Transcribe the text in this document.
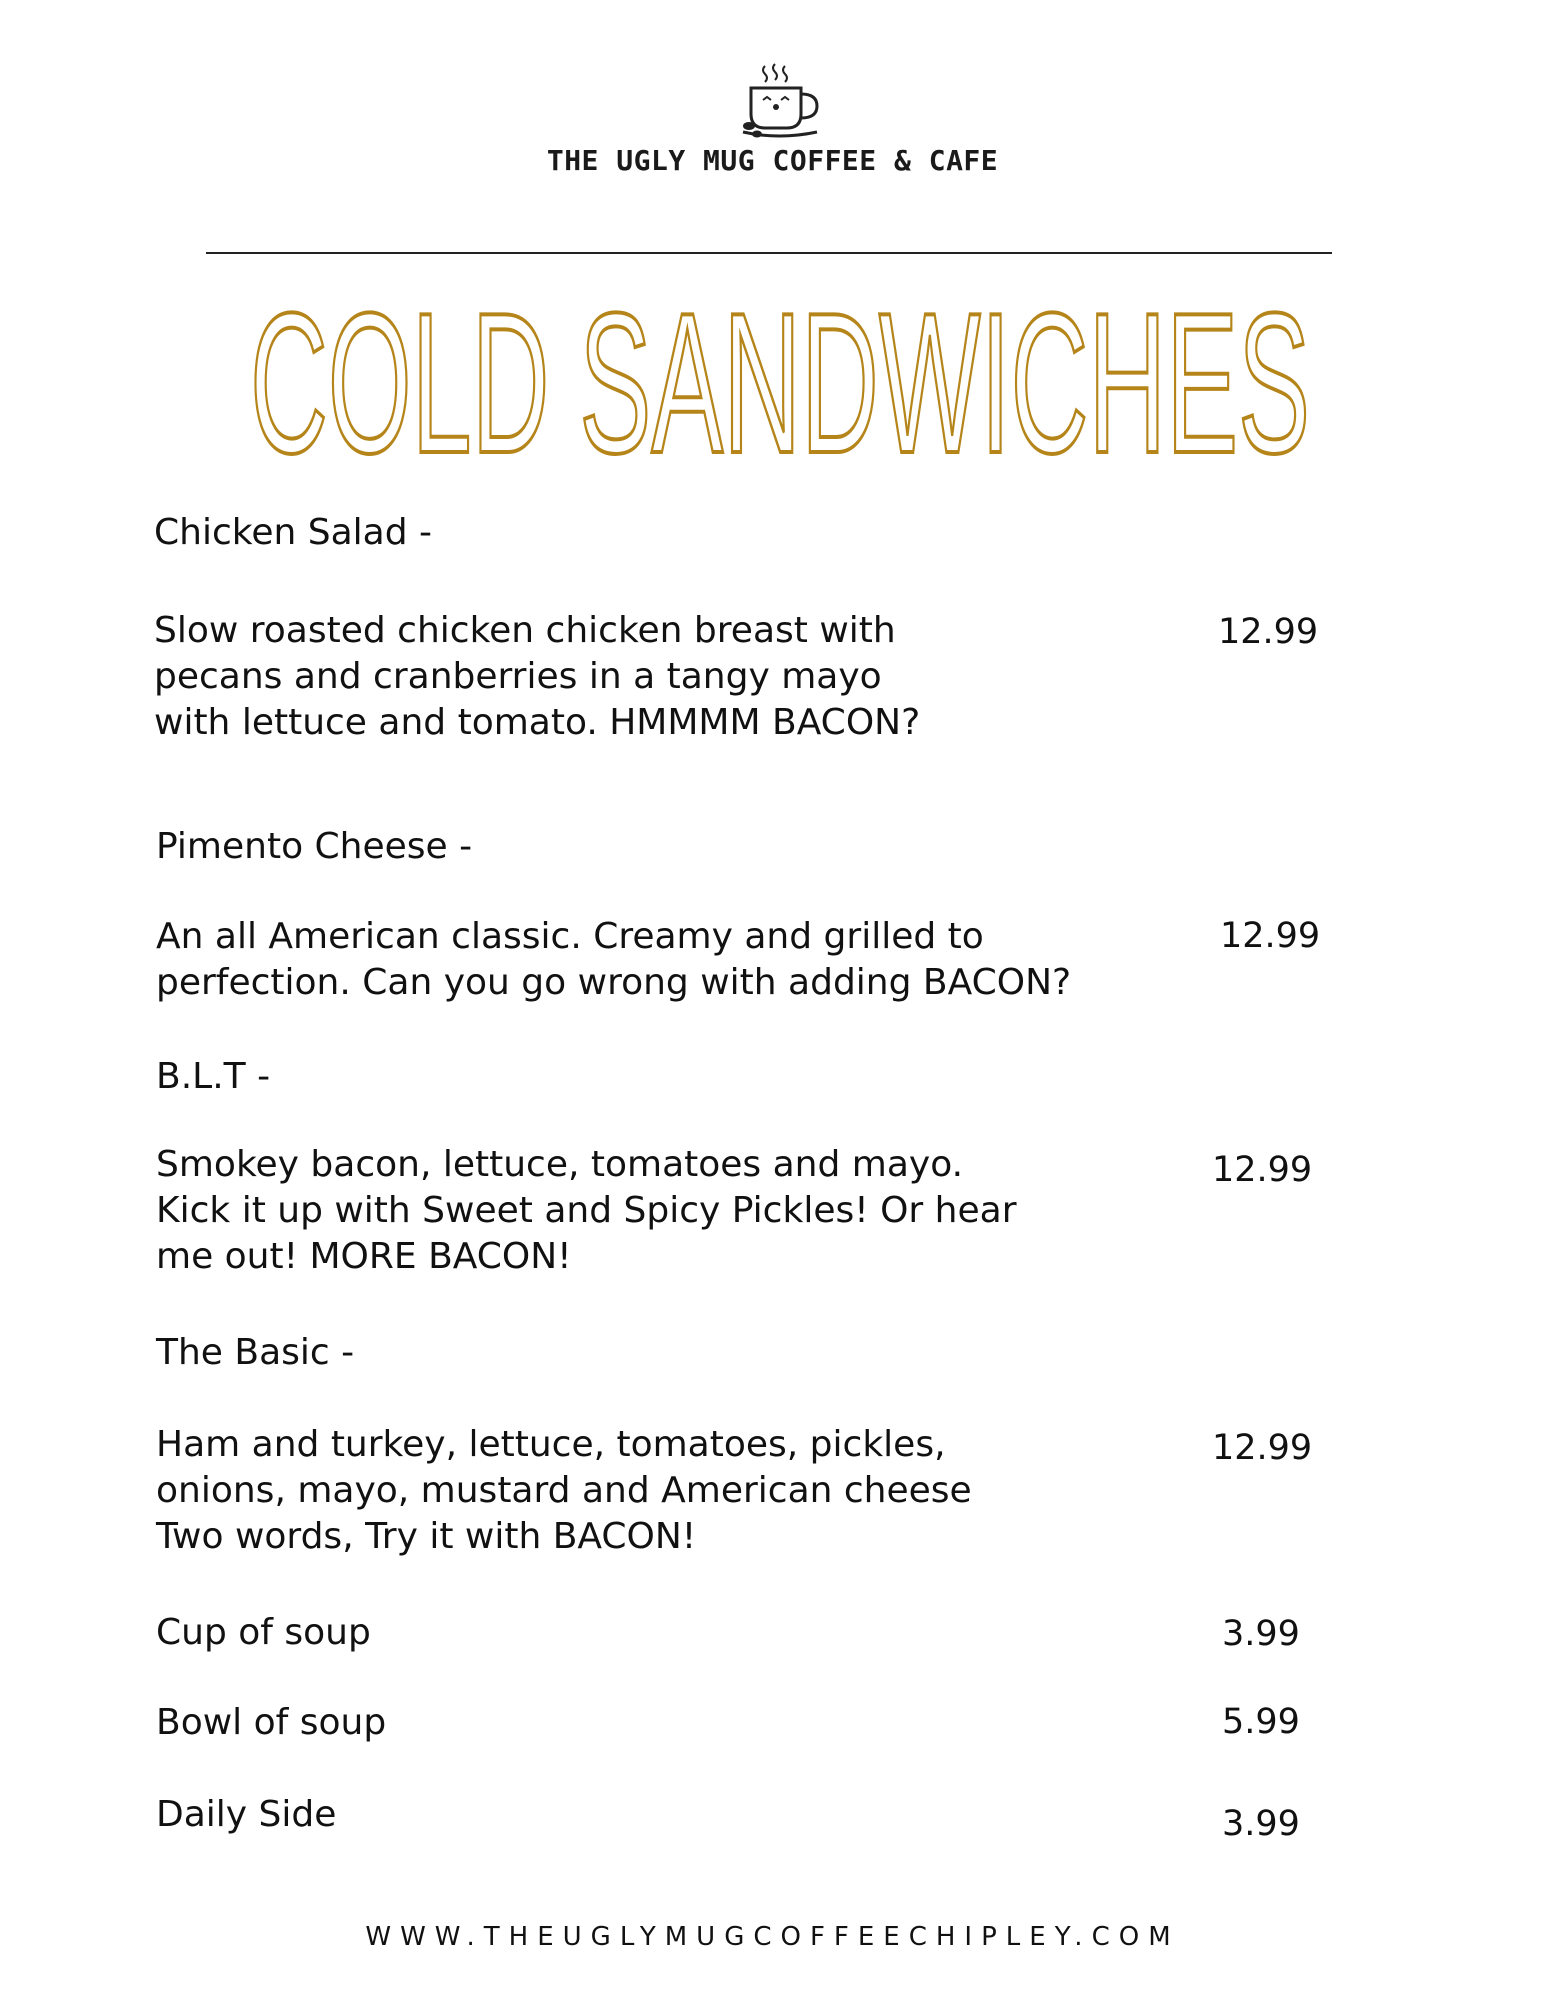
THE UGLY MUG COFFEE & CAFE
COLD SANDWICHES
Chicken Salad -
Slow roasted chicken chicken breast with
pecans and cranberries in a tangy mayo
with lettuce and tomato. HMMMM BACON?
12.99
Pimento Cheese -
An all American classic. Creamy and grilled to
perfection. Can you go wrong with adding BACON?
12.99
B.L.T -
Smokey bacon, lettuce, tomatoes and mayo.
Kick it up with Sweet and Spicy Pickles! Or hear
me out! MORE BACON!
12.99
The Basic -
Ham and turkey, lettuce, tomatoes, pickles,
onions, mayo, mustard and American cheese
Two words, Try it with BACON!
12.99
Cup of soup	3.99
Bowl of soup	5.99
Daily Side	3.99
WWW.THEUGLYMUGCOFFEECHIPLEY.COM
